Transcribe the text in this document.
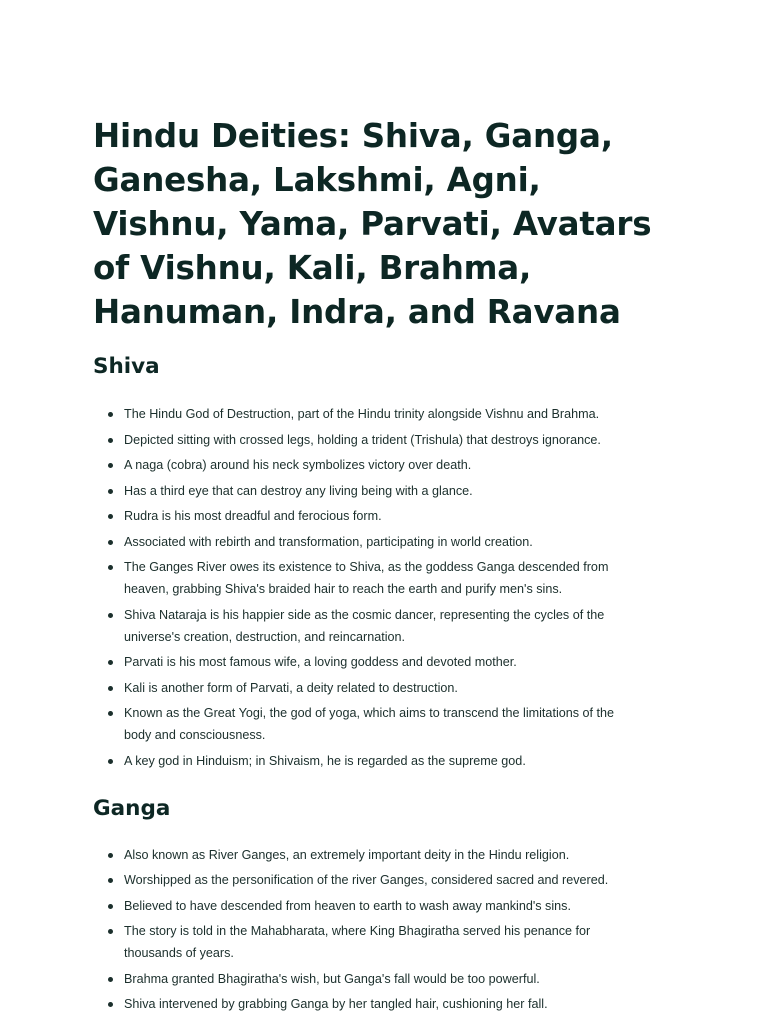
Hindu Deities: Shiva, Ganga, Ganesha, Lakshmi, Agni, Vishnu, Yama, Parvati, Avatars of Vishnu, Kali, Brahma, Hanuman, Indra, and Ravana
Shiva
The Hindu God of Destruction, part of the Hindu trinity alongside Vishnu and Brahma.
Depicted sitting with crossed legs, holding a trident (Trishula) that destroys ignorance.
A naga (cobra) around his neck symbolizes victory over death.
Has a third eye that can destroy any living being with a glance.
Rudra is his most dreadful and ferocious form.
Associated with rebirth and transformation, participating in world creation.
The Ganges River owes its existence to Shiva, as the goddess Ganga descended from heaven, grabbing Shiva's braided hair to reach the earth and purify men's sins.
Shiva Nataraja is his happier side as the cosmic dancer, representing the cycles of the universe's creation, destruction, and reincarnation.
Parvati is his most famous wife, a loving goddess and devoted mother.
Kali is another form of Parvati, a deity related to destruction.
Known as the Great Yogi, the god of yoga, which aims to transcend the limitations of the body and consciousness.
A key god in Hinduism; in Shivaism, he is regarded as the supreme god.
Ganga
Also known as River Ganges, an extremely important deity in the Hindu religion.
Worshipped as the personification of the river Ganges, considered sacred and revered.
Believed to have descended from heaven to earth to wash away mankind's sins.
The story is told in the Mahabharata, where King Bhagiratha served his penance for thousands of years.
Brahma granted Bhagiratha's wish, but Ganga's fall would be too powerful.
Shiva intervened by grabbing Ganga by her tangled hair, cushioning her fall.
